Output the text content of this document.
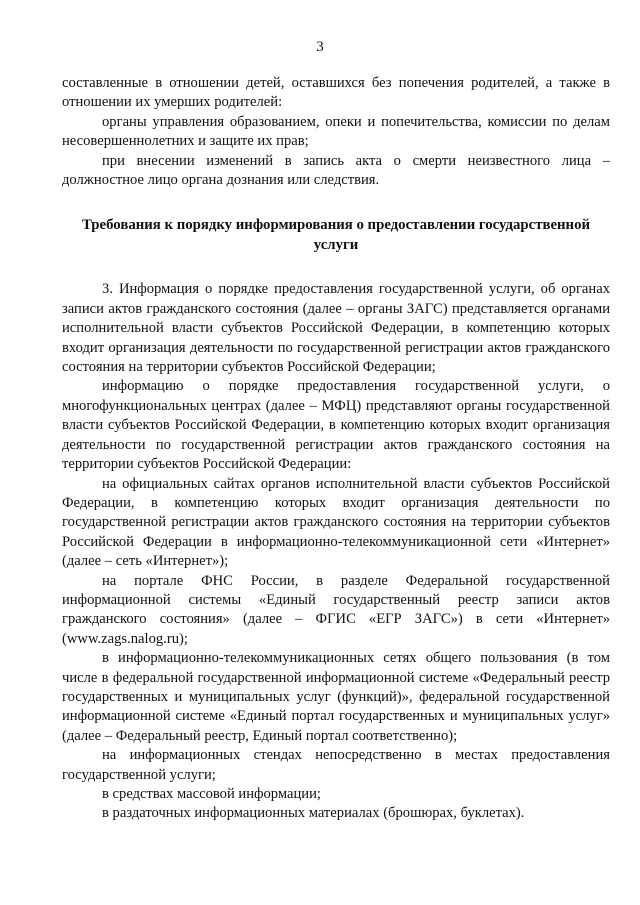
3

составленные в отношении детей, оставшихся без попечения родителей, а также в отношении их умерших родителей:

органы управления образованием, опеки и попечительства, комиссии по делам несовершеннолетних и защите их прав;

при внесении изменений в запись акта о смерти неизвестного лица – должностное лицо органа дознания или следствия.

Требования к порядку информирования о предоставлении государственной услуги

3. Информация о порядке предоставления государственной услуги, об органах записи актов гражданского состояния (далее – органы ЗАГС) представляется органами исполнительной власти субъектов Российской Федерации, в компетенцию которых входит организация деятельности по государственной регистрации актов гражданского состояния на территории субъектов Российской Федерации;

информацию о порядке предоставления государственной услуги, о многофункциональных центрах (далее – МФЦ) представляют органы государственной власти субъектов Российской Федерации, в компетенцию которых входит организация деятельности по государственной регистрации актов гражданского состояния на территории субъектов Российской Федерации:

на официальных сайтах органов исполнительной власти субъектов Российской Федерации, в компетенцию которых входит организация деятельности по государственной регистрации актов гражданского состояния на территории субъектов Российской Федерации в информационно-телекоммуникационной сети «Интернет» (далее – сеть «Интернет»);

на портале ФНС России, в разделе Федеральной государственной информационной системы «Единый государственный реестр записи актов гражданского состояния» (далее – ФГИС «ЕГР ЗАГС») в сети «Интернет» (www.zags.nalog.ru);

в информационно-телекоммуникационных сетях общего пользования (в том числе в федеральной государственной информационной системе «Федеральный реестр государственных и муниципальных услуг (функций)», федеральной государственной информационной системе «Единый портал государственных и муниципальных услуг» (далее – Федеральный реестр, Единый портал соответственно);

на информационных стендах непосредственно в местах предоставления государственной услуги;

в средствах массовой информации;

в раздаточных информационных материалах (брошюрах, буклетах).
